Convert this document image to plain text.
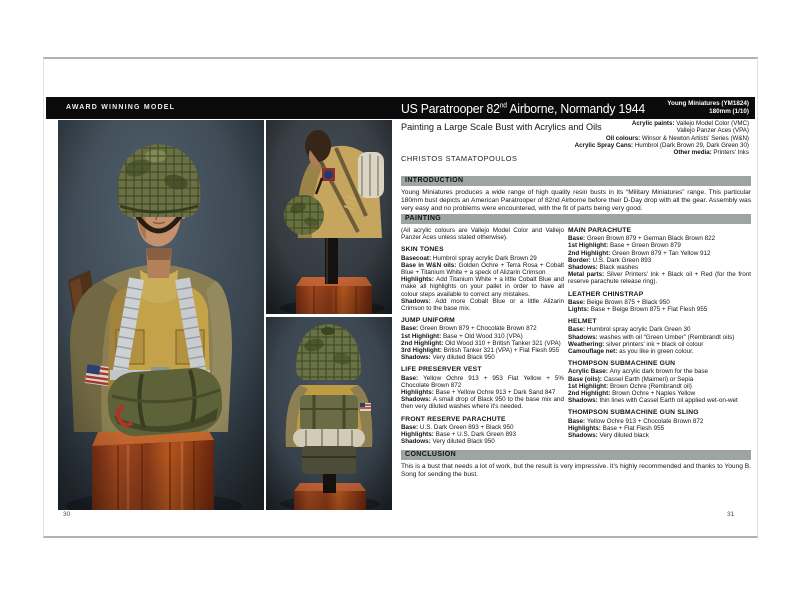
AWARD WINNING MODEL	US Paratrooper 82nd Airborne, Normandy 1944	Young Miniatures (YM1824)
180mm (1/10)
30
Painting a Large Scale Bust with Acrylics and Oils	Acrylic paints: Vallejo Model Color (VMC)
Vallejo Panzer Aces (VPA)
Oil colours: Winsor & Newton Artists' Series (W&N)
Acrylic Spray Cans: Humbrol (Dark Brown 29, Dark Green 30)
Other media: Printers' Inks
CHRISTOS STAMATOPOULOS
INTRODUCTION
Young Miniatures produces a wide range of high quality resin busts in its “Military Miniatures” range. This particular 180mm bust depicts an American Paratrooper of 82nd Airborne before their D-Day drop with all the gear. Assembly was very easy and no problems were encountered, with the fit of parts being very good.
PAINTING
(All acrylic colours are Vallejo Model Color and Vallejo Panzer Aces unless stated otherwise).
SKIN TONES
Basecoat: Humbrol spray acrylic Dark Brown 29
Base in W&N oils: Golden Ochre + Terra Rosa + Cobalt Blue + Titanium White + a speck of Alizarin Crimson
Highlights: Add Titanium White + a little Cobalt Blue and make all highlights on your pallet in order to have all colour steps available to correct any mistakes.
Shadows: Add more Cobalt Blue or a little Alizarin Crimson to the base mix.
JUMP UNIFORM
Base: Green Brown 879 + Chocolate Brown 872
1st Highlight: Base + Old Wood 310 (VPA)
2nd Highlight: Old Wood 310 + British Tanker 321 (VPA)
3rd Highlight: British Tanker 321 (VPA) + Flat Flesh 955
Shadows: Very diluted Black 950
LIFE PRESERVER VEST
Base: Yellow Ochre 913 + 953 Flat Yellow + 5% Chocolate Brown 872
Highlights: Base + Yellow Ochre 913 + Dark Sand 847
Shadows: A small drop of Black 950 to the base mix and then very diluted washes where it's needed.
FRONT RESERVE PARACHUTE
Base: U.S. Dark Green 893 + Black 950
Highlights: Base + U.S. Dark Green 893
Shadows: Very diluted Black 950
MAIN PARACHUTE
Base: Green Brown 879 + German Black Brown 822
1st Highlight: Base + Green Brown 879
2nd Highlight: Green Brown 879 + Tan Yellow 912
Border: U.S. Dark Green 893
Shadows: Black washes
Metal parts: Silver Printers' Ink + Black oil + Red (for the front reserve parachute release ring).
LEATHER CHINSTRAP
Base: Beige Brown 875 + Black 950
Lights: Base + Beige Brown 875 + Flat Flesh 955
HELMET
Base: Humbrol spray acrylic Dark Green 30
Shadows: washes with oil “Green Umber” (Rembrandt oils)
Weathering: silver printers' ink + black oil colour
Camouflage net: as you like in green colour.
THOMPSON SUBMACHINE GUN
Acrylic Base: Any acrylic dark brown for the base
Base (oils): Cassel Earth (Maimeri) or Sepia
1st Highlight: Brown Ochre (Rembrandt oil)
2nd Highlight: Brown Ochre + Naples Yellow
Shadows: thin lines with Cassel Earth oil applied wet-on-wet
THOMPSON SUBMACHINE GUN SLING
Base: Yellow Ochre 913 + Chocolate Brown 872
Highlights: Base + Flat Flesh 955
Shadows: Very diluted black
CONCLUSION
This is a bust that needs a lot of work, but the result is very impressive. It's highly recommended and thanks to Young B. Song for sending the bust.
31
